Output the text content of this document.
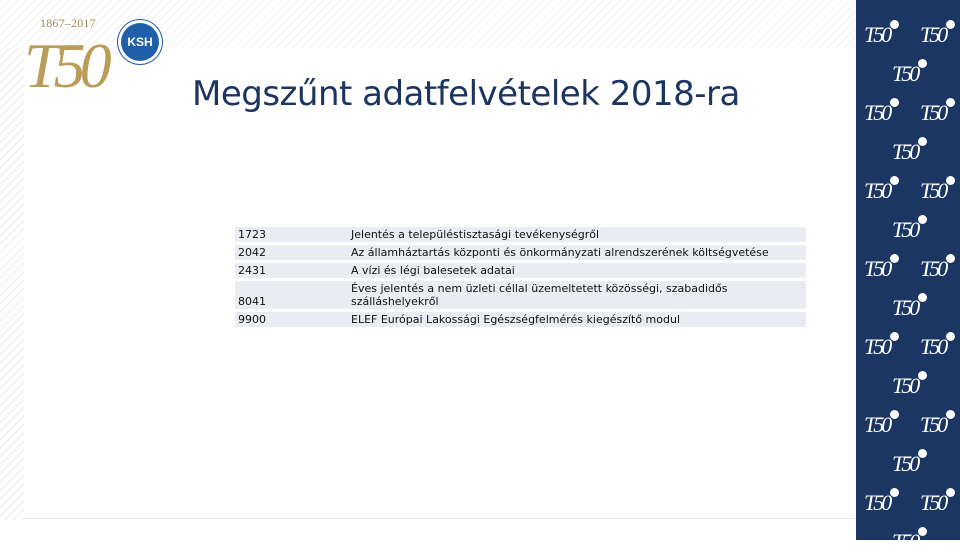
1867–2017
T50	KSH
Megszűnt adatfelvételek 2018-ra
1723	Jelentés a településtisztasági tevékenységről
2042	Az államháztartás központi és önkormányzati alrendszerének költségvetése
2431	A vízi és légi balesetek adatai
8041	Éves jelentés a nem üzleti céllal üzemeltetett közösségi, szabadidős szálláshelyekről
9900	ELEF Európai Lakossági Egészségfelmérés kiegészítő modul
T50 T50
T50
T50 T50
T50
T50 T50
T50
T50 T50
T50
T50 T50
T50
T50 T50
T50
T50 T50
T50
